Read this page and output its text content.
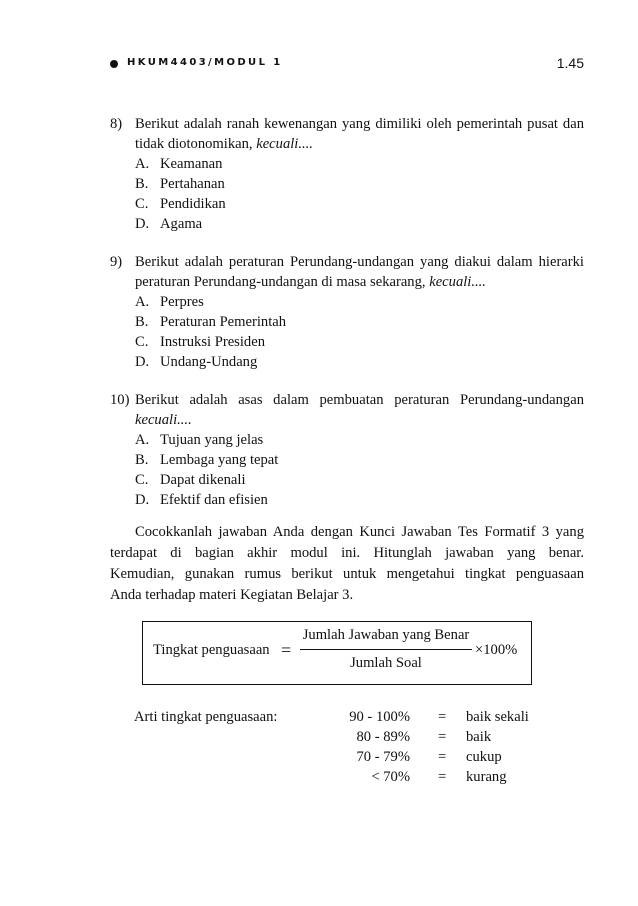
HKUM4403/MODUL 1	1.45
8) Berikut adalah ranah kewenangan yang dimiliki oleh pemerintah pusat dan tidak diotonomikan, kecuali....
A. Keamanan
B. Pertahanan
C. Pendidikan
D. Agama
9) Berikut adalah peraturan Perundang-undangan yang diakui dalam hierarki peraturan Perundang-undangan di masa sekarang, kecuali....
A. Perpres
B. Peraturan Pemerintah
C. Instruksi Presiden
D. Undang-Undang
10) Berikut adalah asas dalam pembuatan peraturan Perundang-undangan kecuali....
A. Tujuan yang jelas
B. Lembaga yang tepat
C. Dapat dikenali
D. Efektif dan efisien
Cocokkanlah jawaban Anda dengan Kunci Jawaban Tes Formatif 3 yang
terdapat di bagian akhir modul ini. Hitunglah jawaban yang benar.
Kemudian, gunakan rumus berikut untuk mengetahui tingkat penguasaan
Anda terhadap materi Kegiatan Belajar 3.
Tingkat penguasaan =
Jumlah Jawaban yang Benar
Jumlah Soal
×100%
Arti tingkat penguasaan:	90 - 100% = baik sekali
80 - 89% = baik
70 - 79% = cukup
< 70% = kurang
